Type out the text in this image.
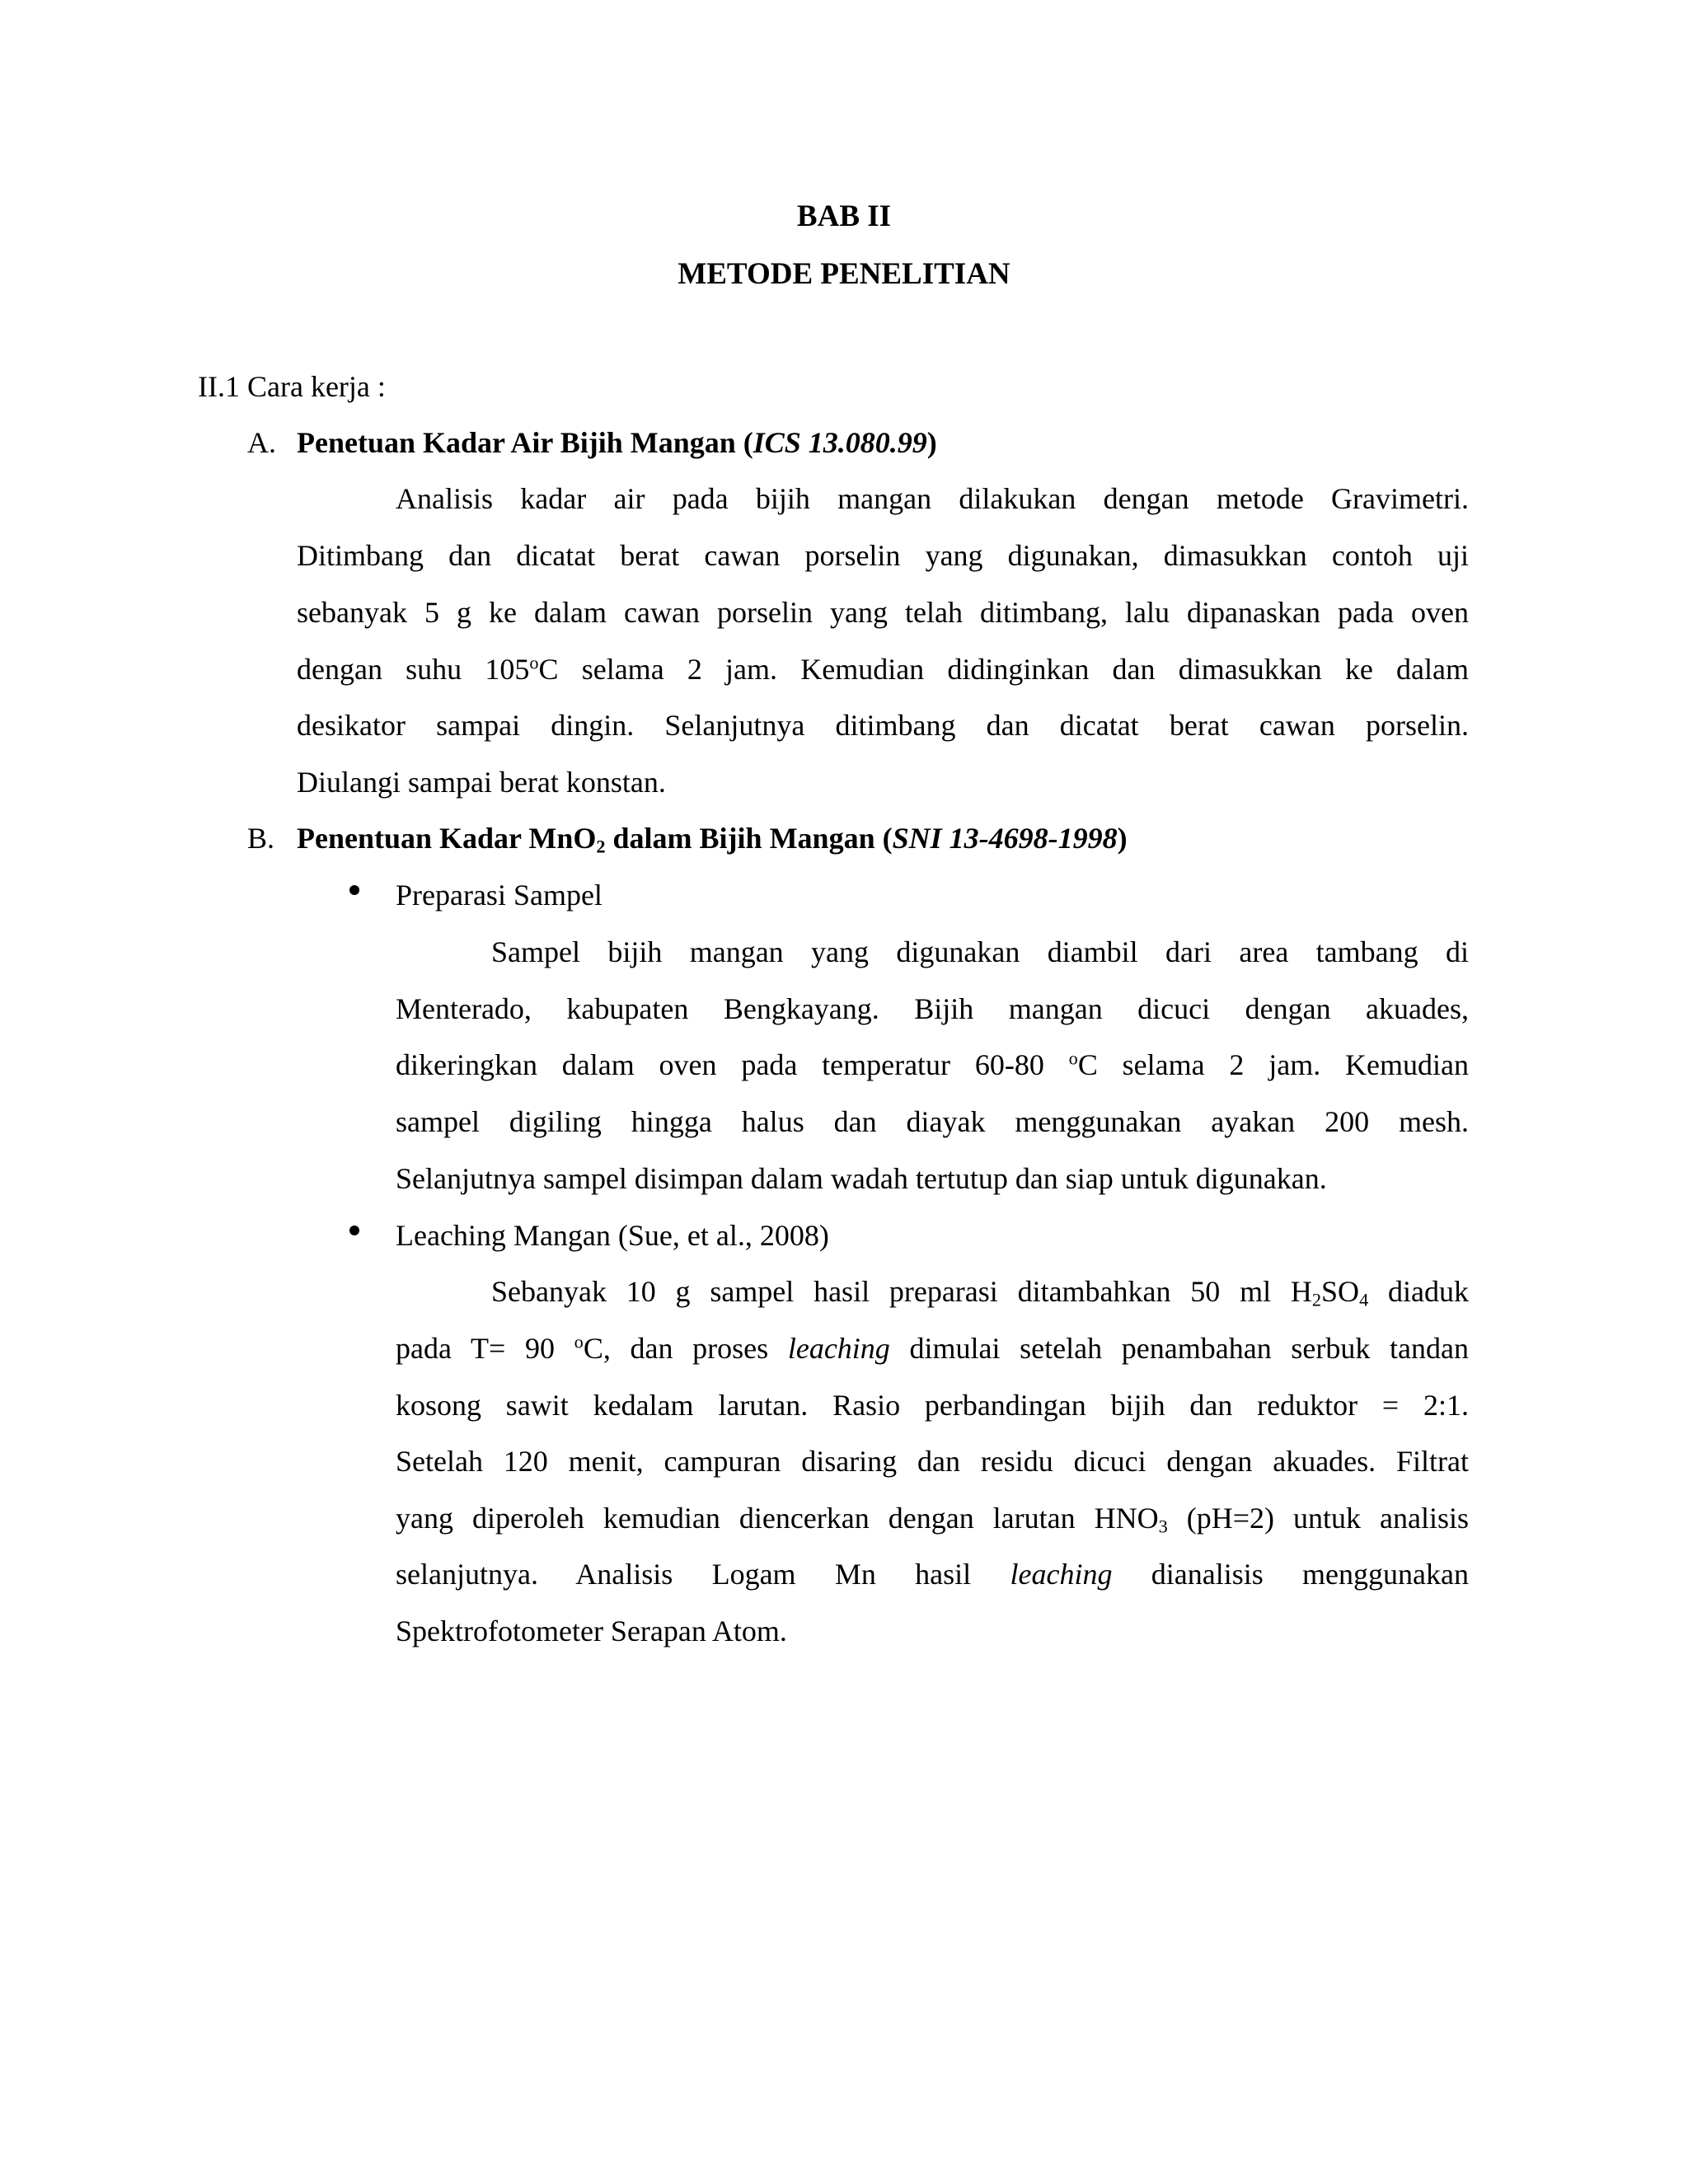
BAB II
METODE PENELITIAN
II.1 Cara kerja :
A. Penetuan Kadar Air Bijih Mangan (ICS 13.080.99)
Analisis kadar air pada bijih mangan dilakukan dengan metode Gravimetri.
Ditimbang dan dicatat berat cawan porselin yang digunakan, dimasukkan contoh uji
sebanyak 5 g ke dalam cawan porselin yang telah ditimbang, lalu dipanaskan pada oven
dengan suhu 105$^o$C selama 2 jam. Kemudian didinginkan dan dimasukkan ke dalam
desikator sampai dingin. Selanjutnya ditimbang dan dicatat berat cawan porselin.
Diulangi sampai berat konstan.
B. Penentuan Kadar MnO$_2$ dalam Bijih Mangan (SNI 13-4698-1998)
Preparasi Sampel
Sampel bijih mangan yang digunakan diambil dari area tambang di
Menterado, kabupaten Bengkayang. Bijih mangan dicuci dengan akuades,
dikeringkan dalam oven pada temperatur 60-80 $^o$C selama 2 jam. Kemudian
sampel digiling hingga halus dan diayak menggunakan ayakan 200 mesh.
Selanjutnya sampel disimpan dalam wadah tertutup dan siap untuk digunakan.
Leaching Mangan (Sue, et al., 2008)
Sebanyak 10 g sampel hasil preparasi ditambahkan 50 ml $H_2SO_4$ diaduk
pada T= 90 $^o$C, dan proses leaching dimulai setelah penambahan serbuk tandan
kosong sawit kedalam larutan. Rasio perbandingan bijih dan reduktor = 2:1.
Setelah 120 menit, campuran disaring dan residu dicuci dengan akuades. Filtrat
yang diperoleh kemudian diencerkan dengan larutan $HNO_3$ (pH=2) untuk analisis
selanjutnya. Analisis Logam Mn hasil leaching dianalisis menggunakan
Spektrofotometer Serapan Atom.
